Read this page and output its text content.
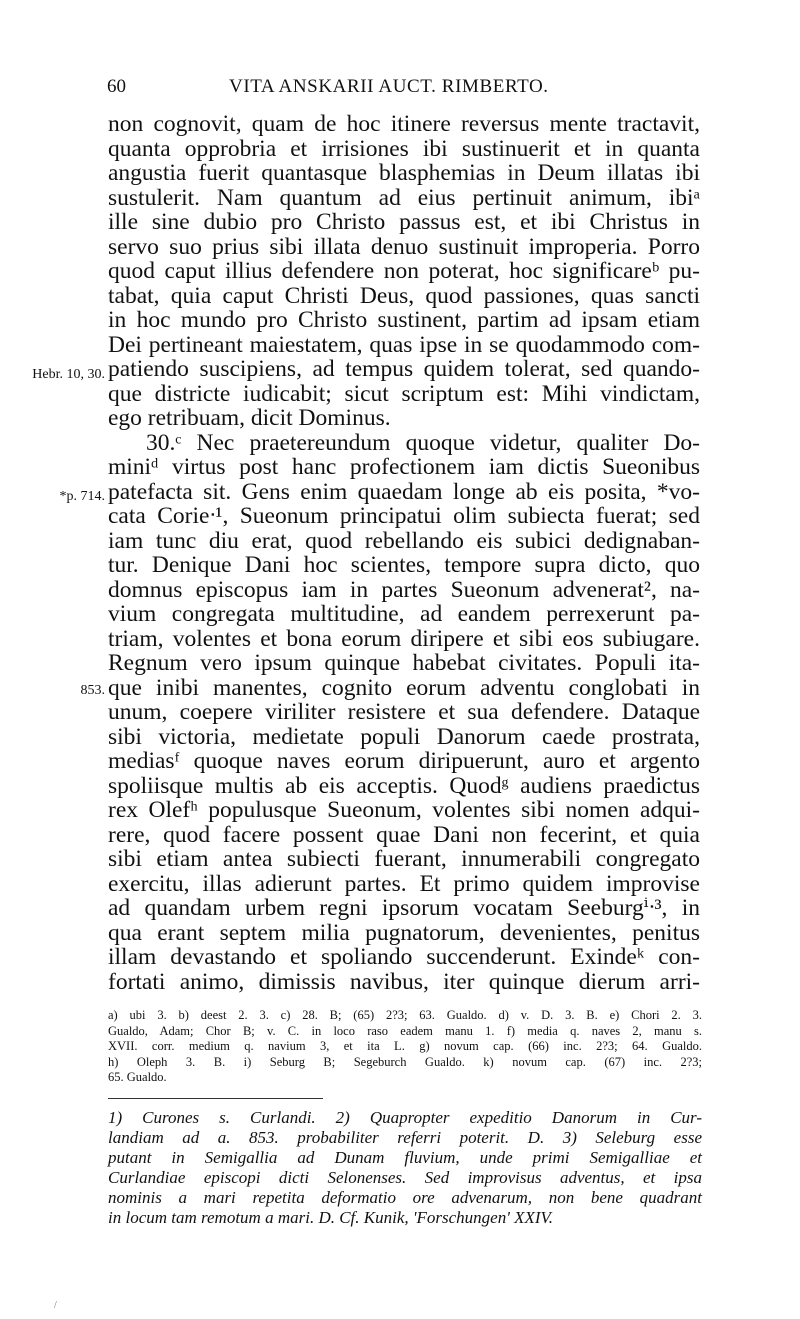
60	VITA ANSKARII AUCT. RIMBERTO.
non cognovit, quam de hoc itinere reversus mente tractavit,
quanta opprobria et irrisiones ibi sustinuerit et in quanta
angustia fuerit quantasque blasphemias in Deum illatas ibi
sustulerit. Nam quantum ad eius pertinuit animum, ibiᵃ
ille sine dubio pro Christo passus est, et ibi Christus in
servo suo prius sibi illata denuo sustinuit improperia. Porro
quod caput illius defendere non poterat, hoc significareᵇ pu-
tabat, quia caput Christi Deus, quod passiones, quas sancti
in hoc mundo pro Christo sustinent, partim ad ipsam etiam
Dei pertineant maiestatem, quas ipse in se quodammodo com-
patiendo suscipiens, ad tempus quidem tolerat, sed quando-
que districte iudicabit; sicut scriptum est: Mihi vindictam,
ego retribuam, dicit Dominus.
30.ᶜ Nec praetereundum quoque videtur, qualiter Do-
miniᵈ virtus post hanc profectionem iam dictis Sueonibus
patefacta sit. Gens enim quaedam longe ab eis posita, *vo-
cata Corieᐧ¹, Sueonum principatui olim subiecta fuerat; sed
iam tunc diu erat, quod rebellando eis subici dedignaban-
tur. Denique Dani hoc scientes, tempore supra dicto, quo
domnus episcopus iam in partes Sueonum advenerat², na-
vium congregata multitudine, ad eandem perrexerunt pa-
triam, volentes et bona eorum diripere et sibi eos subiugare.
Regnum vero ipsum quinque habebat civitates. Populi ita-
que inibi manentes, cognito eorum adventu conglobati in
unum, coepere viriliter resistere et sua defendere. Dataque
sibi victoria, medietate populi Danorum caede prostrata,
mediasᶠ quoque naves eorum diripuerunt, auro et argento
spoliisque multis ab eis acceptis. Quodᵍ audiens praedictus
rex Olefʰ populusque Sueonum, volentes sibi nomen adqui-
rere, quod facere possent quae Dani non fecerint, et quia
sibi etiam antea subiecti fuerant, innumerabili congregato
exercitu, illas adierunt partes. Et primo quidem improvise
ad quandam urbem regni ipsorum vocatam Seeburgⁱᐧ³, in
qua erant septem milia pugnatorum, devenientes, penitus
illam devastando et spoliando succenderunt. Exindeᵏ con-
fortati animo, dimissis navibus, iter quinque dierum arri-
Hebr. 10, 30.
*p. 714.
853.
a) ubi 3. b) deest 2. 3. c) 28. B; (65) 2?3; 63. Gualdo. d) v. D. 3. B. e) Chori 2. 3.
Gualdo, Adam; Chor B; v. C. in loco raso eadem manu 1. f) media q. naves 2, manu s.
XVII. corr. medium q. navium 3, et ita L. g) novum cap. (66) inc. 2?3; 64. Gualdo.
h) Oleph 3. B. i) Seburg B; Segeburch Gualdo. k) novum cap. (67) inc. 2?3;
65. Gualdo.
1) Curones s. Curlandi. 2) Quapropter expeditio Danorum in Cur-
landiam ad a. 853. probabiliter referri poterit. D. 3) Seleburg esse
putant in Semigallia ad Dunam fluvium, unde primi Semigalliae et
Curlandiae episcopi dicti Selonenses. Sed improvisus adventus, et ipsa
nominis a mari repetita deformatio ore advenarum, non bene quadrant
in locum tam remotum a mari. D. Cf. Kunik, 'Forschungen' XXIV.
/
